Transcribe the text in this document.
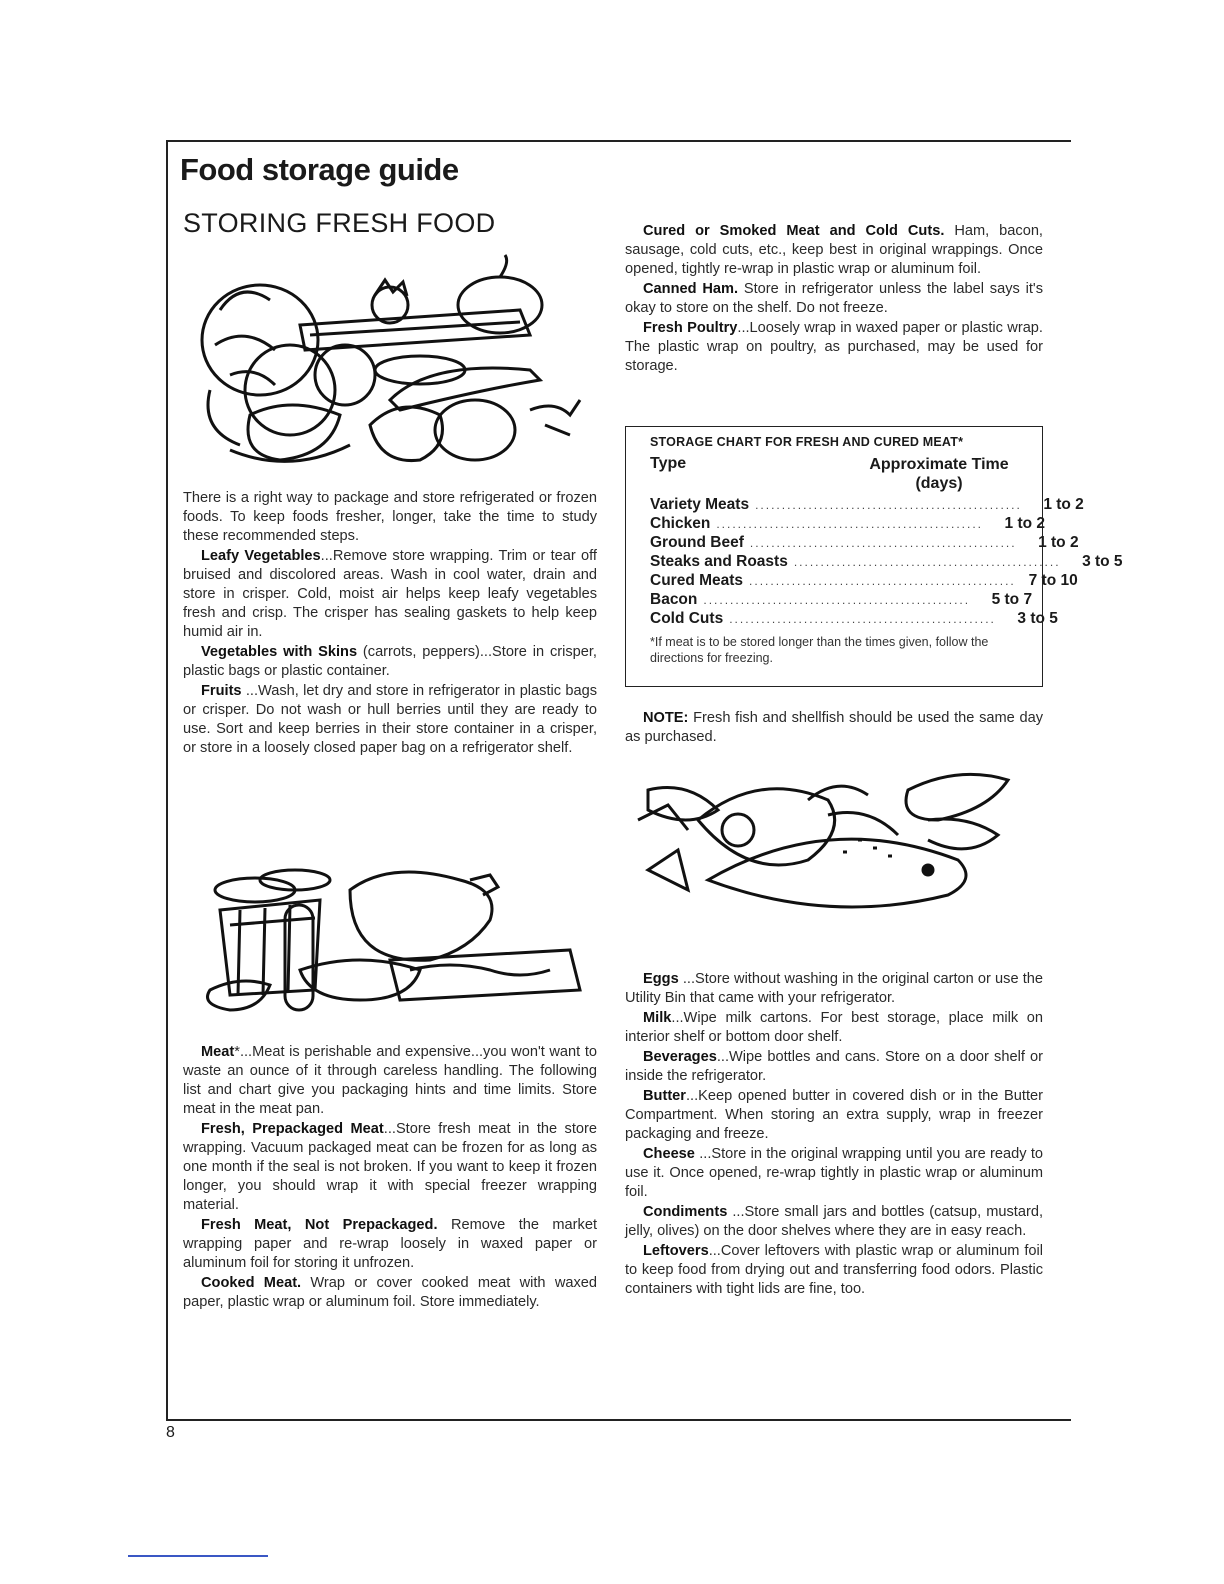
Food storage guide
STORING FRESH FOOD

There is a right way to package and store refrigerated or frozen foods. To keep foods fresher, longer, take the time to study these recommended steps.

Leafy Vegetables...Remove store wrapping. Trim or tear off bruised and discolored areas. Wash in cool water, drain and store in crisper. Cold, moist air helps keep leafy vegetables fresh and crisp. The crisper has sealing gaskets to help keep humid air in.

Vegetables with Skins (carrots, peppers)...Store in crisper, plastic bags or plastic container.

Fruits ...Wash, let dry and store in refrigerator in plastic bags or crisper. Do not wash or hull berries until they are ready to use. Sort and keep berries in their store container in a crisper, or store in a loosely closed paper bag on a refrigerator shelf.

Meat*...Meat is perishable and expensive...you won't want to waste an ounce of it through careless handling. The following list and chart give you packaging hints and time limits. Store meat in the meat pan.

Fresh, Prepackaged Meat...Store fresh meat in the store wrapping. Vacuum packaged meat can be frozen for as long as one month if the seal is not broken. If you want to keep it frozen longer, you should wrap it with special freezer wrapping material.

Fresh Meat, Not Prepackaged. Remove the market wrapping paper and re-wrap loosely in waxed paper or aluminum foil for storing it unfrozen.

Cooked Meat. Wrap or cover cooked meat with waxed paper, plastic wrap or aluminum foil. Store immediately.

Cured or Smoked Meat and Cold Cuts. Ham, bacon, sausage, cold cuts, etc., keep best in original wrappings. Once opened, tightly re-wrap in plastic wrap or aluminum foil.

Canned Ham. Store in refrigerator unless the label says it's okay to store on the shelf. Do not freeze.

Fresh Poultry...Loosely wrap in waxed paper or plastic wrap. The plastic wrap on poultry, as purchased, may be used for storage.

STORAGE CHART FOR FRESH AND CURED MEAT*
Type	Approximate Time
(days)
Variety Meats ..................................................	1 to 2
Chicken ..................................................	1 to 2
Ground Beef ..................................................	1 to 2
Steaks and Roasts ..................................................	3 to 5
Cured Meats .................................................. 7 to 10
Bacon ..................................................	5 to 7
Cold Cuts ..................................................	3 to 5
*If meat is to be stored longer than the times given, follow the directions for freezing.

NOTE: Fresh fish and shellfish should be used the same day as purchased.

Eggs ...Store without washing in the original carton or use the Utility Bin that came with your refrigerator.

Milk...Wipe milk cartons. For best storage, place milk on interior shelf or bottom door shelf.

Beverages...Wipe bottles and cans. Store on a door shelf or inside the refrigerator.

Butter...Keep opened butter in covered dish or in the Butter Compartment. When storing an extra supply, wrap in freezer packaging and freeze.

Cheese ...Store in the original wrapping until you are ready to use it. Once opened, re-wrap tightly in plastic wrap or aluminum foil.

Condiments ...Store small jars and bottles (catsup, mustard, jelly, olives) on the door shelves where they are in easy reach.

Leftovers...Cover leftovers with plastic wrap or aluminum foil to keep food from drying out and transferring food odors. Plastic containers with tight lids are fine, too.

8
